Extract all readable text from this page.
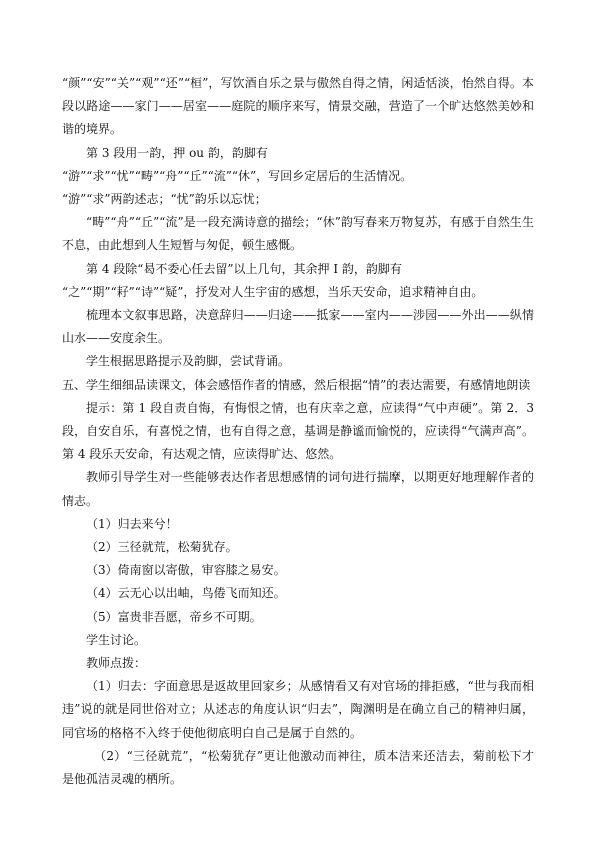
“颜”“安”“关”“观”“还”“桓”，写饮酒自乐之景与傲然自得之情，闲适恬淡，怡然自得。本段以路途——家门——居室——庭院的顺序来写，情景交融，营造了一个旷达悠然美妙和谐的境界。

第 3 段用一韵，押 ou 韵，韵脚有

“游”“求”“忧”“畴”“舟”“丘”“流”“休”，写回乡定居后的生活情况。

“游”“求”两韵述志；“忧”韵乐以忘忧；

“畴”“舟”“丘”“流”是一段充满诗意的描绘；“休”韵写春来万物复苏，有感于自然生生不息，由此想到人生短暂与匆促，顿生感慨。

第 4 段除“曷不委心任去留”以上几句，其余押 I 韵，韵脚有

“之”“期”“耔”“诗”“疑”，抒发对人生宇宙的感想，当乐天安命，追求精神自由。

梳理本文叙事思路，决意辞归——归途——抵家——室内——涉园——外出——纵情山水——安度余生。

学生根据思路提示及韵脚，尝试背诵。

五、学生细细品读课文，体会感悟作者的情感，然后根据“情”的表达需要，有感情地朗读

提示：第 1 段自责自悔，有悔恨之情，也有庆幸之意，应读得“气中声硬”。第 2．3 段，自安自乐，有喜悦之情，也有自得之意，基调是静谧而愉悦的，应读得“气满声高”。第 4 段乐天安命，有达观之情，应读得旷达、悠然。

教师引导学生对一些能够表达作者思想感情的词句进行揣摩，以期更好地理解作者的情志。

（1）归去来兮！

（2）三径就荒，松菊犹存。

（3）倚南窗以寄傲，审容膝之易安。

（4）云无心以出岫，鸟倦飞而知还。

（5）富贵非吾愿，帝乡不可期。

学生讨论。

教师点拨：

（1）归去：字面意思是返故里回家乡；从感情看又有对官场的排拒感，“世与我而相违”说的就是同世俗对立；从述志的角度认识“归去”，陶渊明是在确立自己的精神归属，同官场的格格不入终于使他彻底明白自己是属于自然的。

（2）“三径就荒”，“松菊犹存”更让他激动而神往，质本洁来还洁去，菊前松下才是他孤洁灵魂的栖所。
